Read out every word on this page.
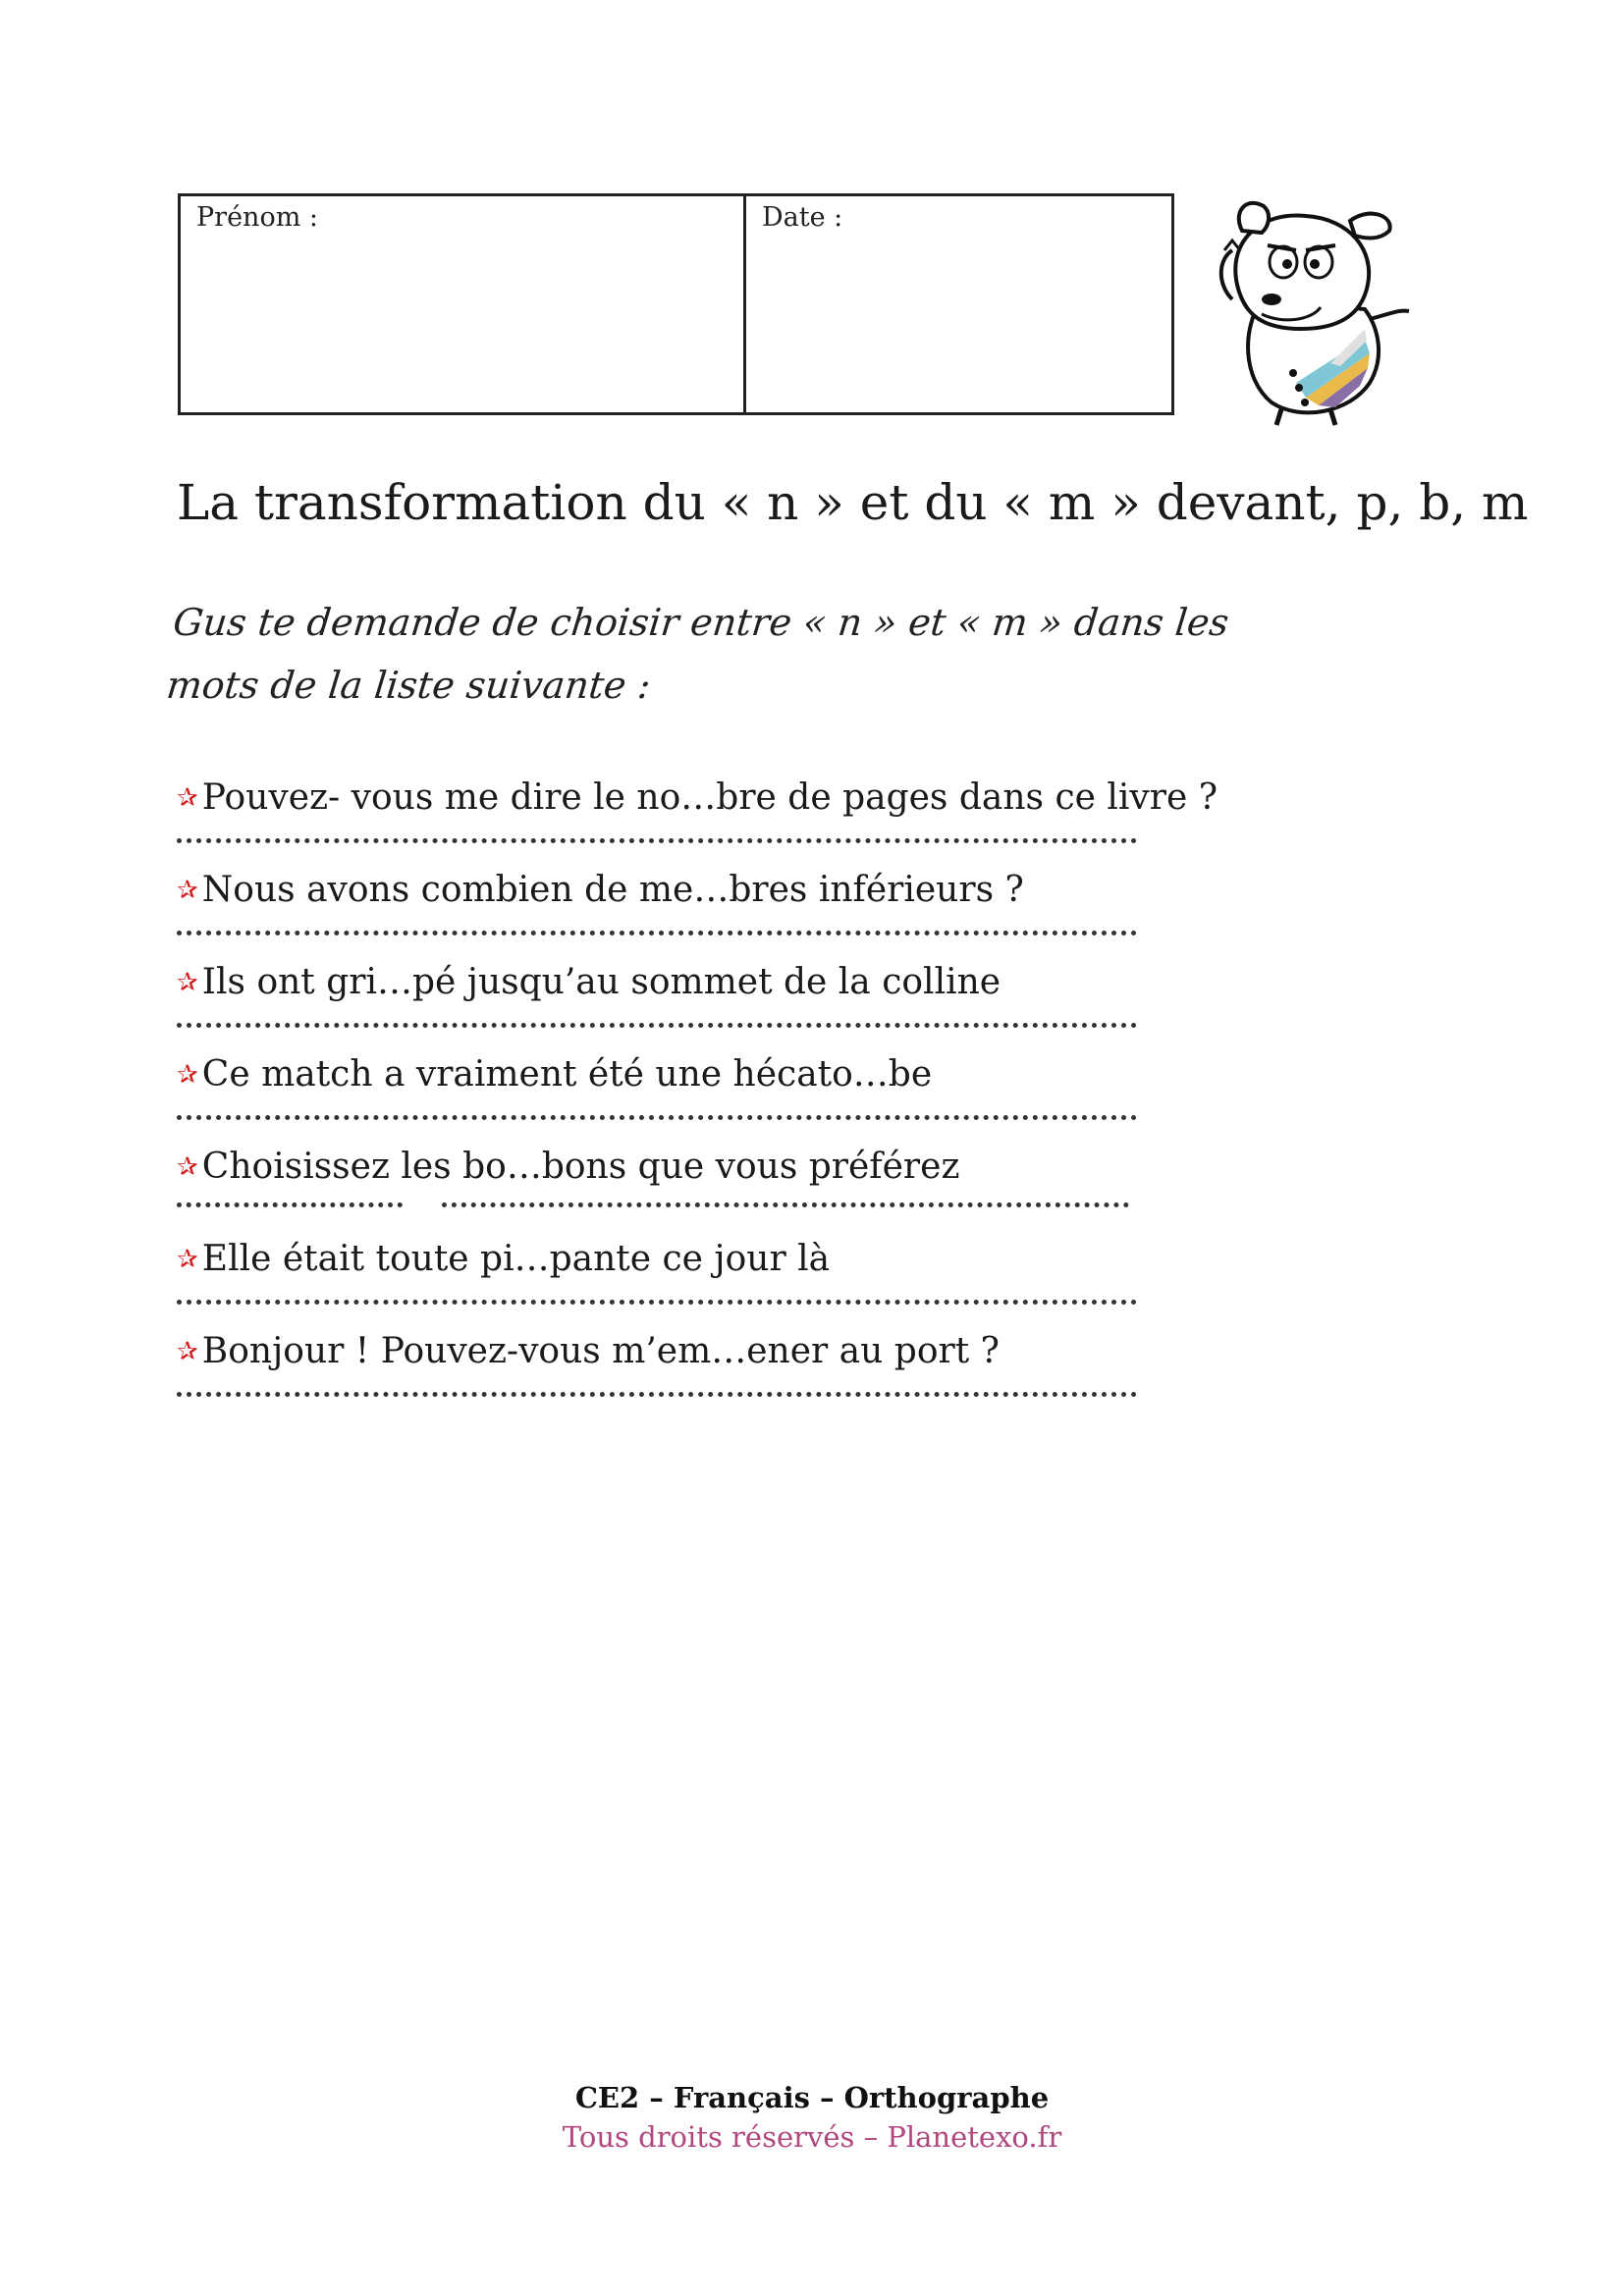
Prénom :	Date :
La transformation du « n » et du « m » devant, p, b, m
Gus te demande de choisir entre « n » et « m » dans les
mots de la liste suivante :
✰ Pouvez- vous me dire le no…bre de pages dans ce livre ?
✰ Nous avons combien de me…bres inférieurs ?
✰ Ils ont gri…pé jusqu’au sommet de la colline
✰ Ce match a vraiment été une hécato…be
✰ Choisissez les bo…bons que vous préférez
✰ Elle était toute pi…pante ce jour là
✰ Bonjour ! Pouvez-vous m’em…ener au port ?
CE2 – Français – Orthographe
Tous droits réservés – Planetexo.fr
